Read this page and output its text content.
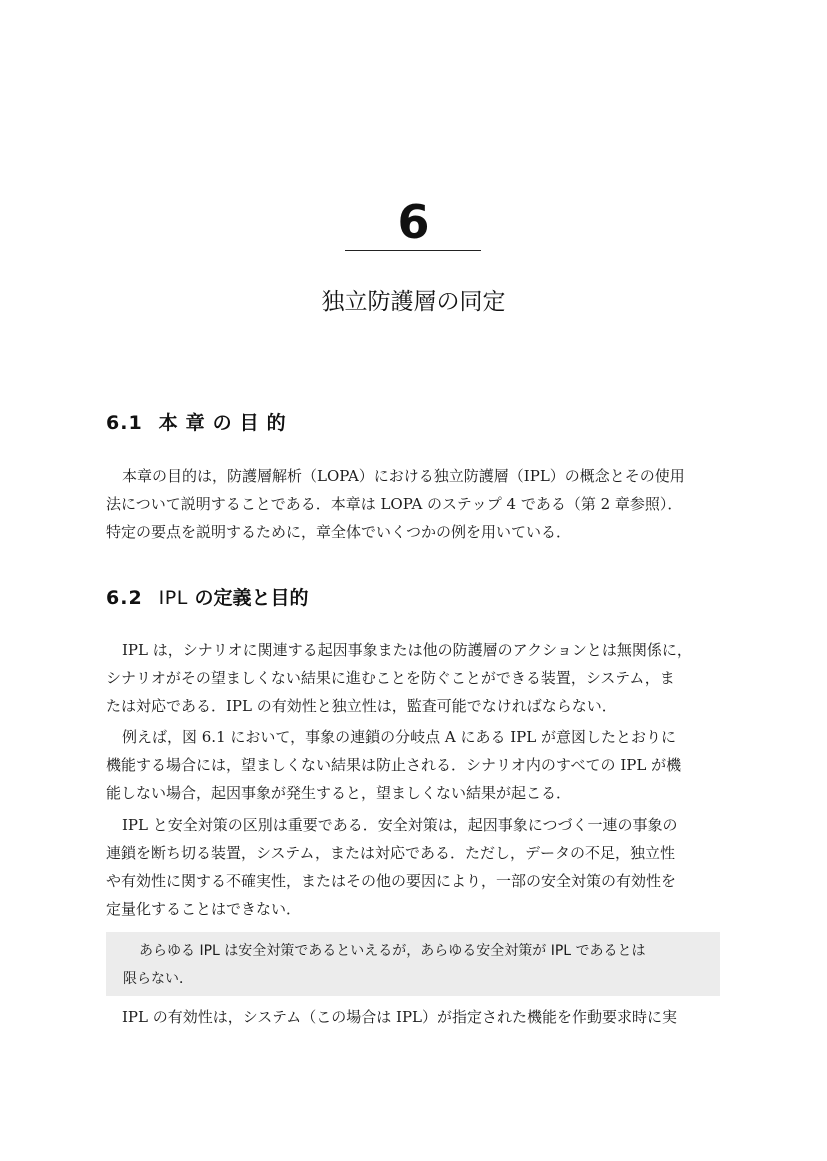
6
独立防護層の同定
6.1 本章の目的
本章の目的は，防護層解析（LOPA）における独立防護層（IPL）の概念とその使用
法について説明することである．本章は LOPA のステップ 4 である（第 2 章参照）．
特定の要点を説明するために，章全体でいくつかの例を用いている．
6.2 IPL の定義と目的
IPL は，シナリオに関連する起因事象または他の防護層のアクションとは無関係に，
シナリオがその望ましくない結果に進むことを防ぐことができる装置，システム，ま
たは対応である．IPL の有効性と独立性は，監査可能でなければならない．
例えば，図 6.1 において，事象の連鎖の分岐点 A にある IPL が意図したとおりに
機能する場合には，望ましくない結果は防止される．シナリオ内のすべての IPL が機
能しない場合，起因事象が発生すると，望ましくない結果が起こる．
IPL と安全対策の区別は重要である．安全対策は，起因事象につづく一連の事象の
連鎖を断ち切る装置，システム，または対応である．ただし，データの不足，独立性
や有効性に関する不確実性，またはその他の要因により，一部の安全対策の有効性を
定量化することはできない．
あらゆる IPL は安全対策であるといえるが，あらゆる安全対策が IPL であるとは
限らない．
IPL の有効性は，システム（この場合は IPL）が指定された機能を作動要求時に実
